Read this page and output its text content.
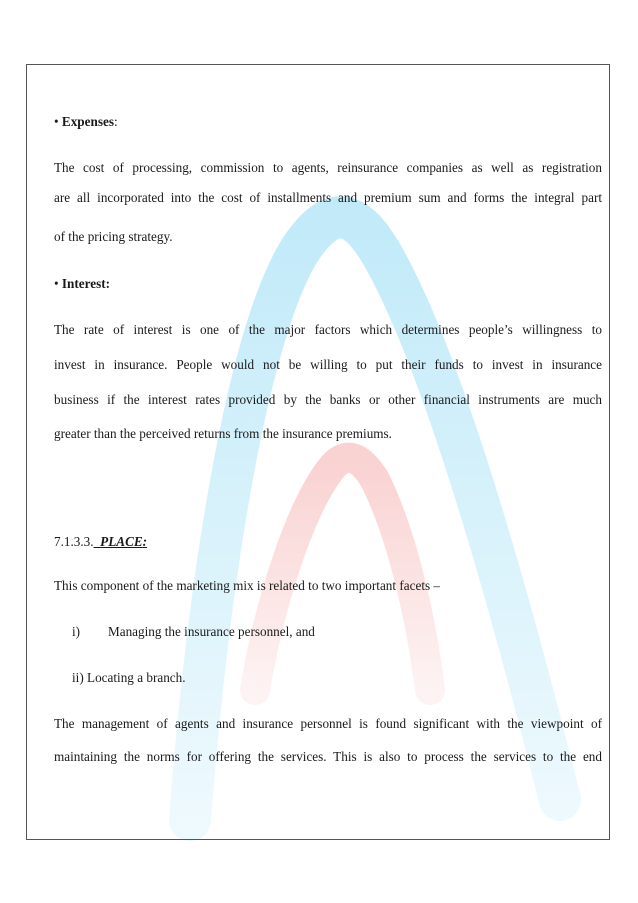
• Expenses:
The cost of processing, commission to agents, reinsurance companies as well as registration
are all incorporated into the cost of installments and premium sum and forms the integral part
of the pricing strategy.
• Interest:
The rate of interest is one of the major factors which determines people’s willingness to
invest in insurance. People would not be willing to put their funds to invest in insurance
business if the interest rates provided by the banks or other financial instruments are much
greater than the perceived returns from the insurance premiums.
7.1.3.3. PLACE:
This component of the marketing mix is related to two important facets –
i) Managing the insurance personnel, and
ii) Locating a branch.
The management of agents and insurance personnel is found significant with the viewpoint of
maintaining the norms for offering the services. This is also to process the services to the end
